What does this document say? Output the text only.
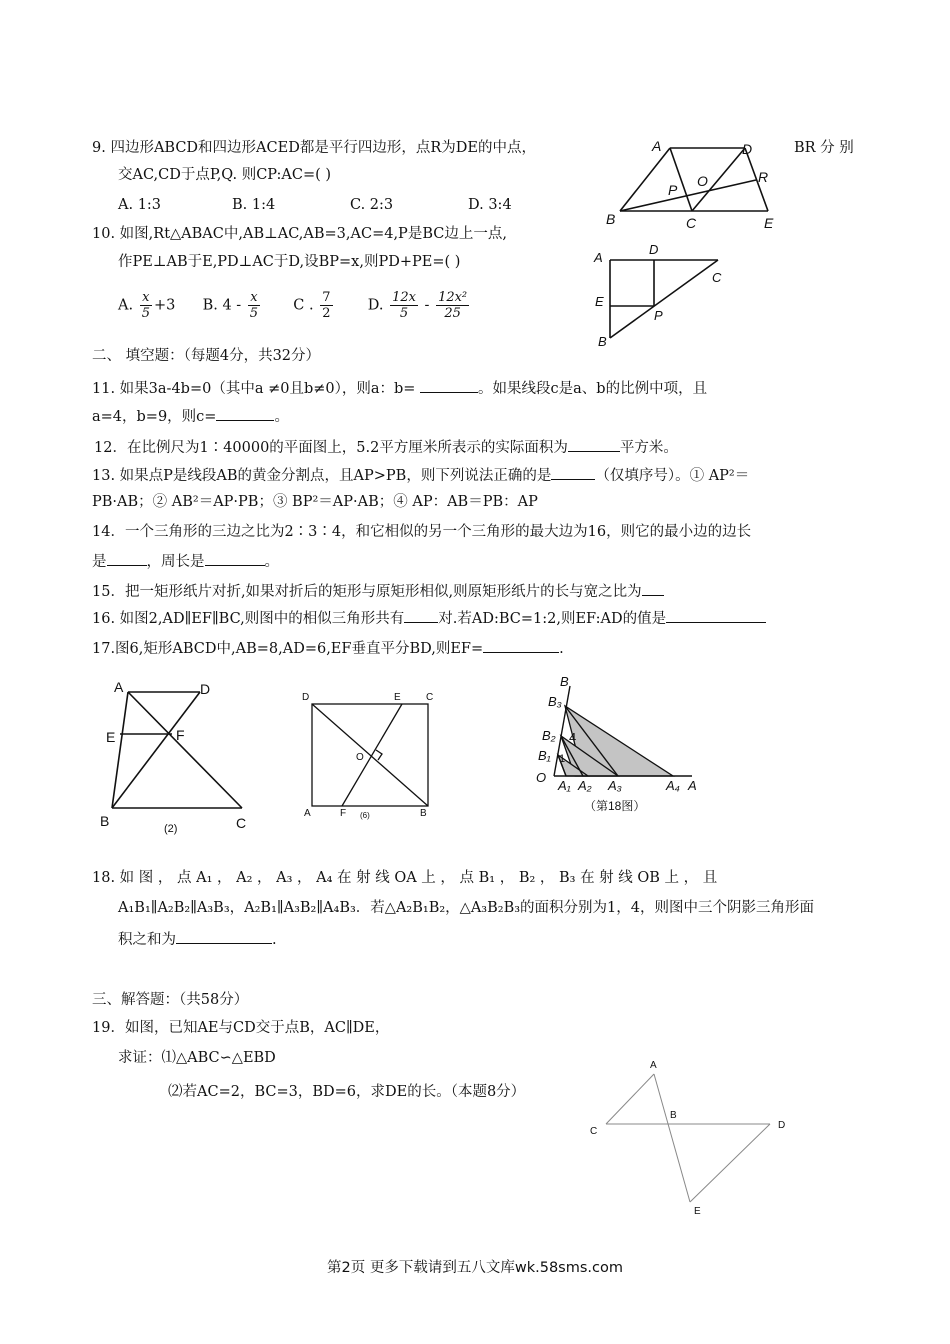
9. 四边形ABCD和四边形ACED都是平行四边形，点R为DE的中点，	BR 分 别
交AC,CD于点P,Q. 则CP:AC=( )
A. 1:3	B. 1:4	C. 2:3	D. 3:4
A	D
R
O
P
B	C	E
10. 如图,Rt△ABAC中,AB⊥AC,AB=3,AC=4,P是BC边上一点,
作PE⊥AB于E,PD⊥AC于D,设BP=x,则PD+PE=( )
A. $\frac{x}{5} +3$ B. $4 - \frac{x}{5}$ C . $\frac{7}{2} D$. $\frac{12x}{5} - \frac{\text{12x²}}{25}$
A
D
C
E
P
B
二、 填空题：（每题4分，共32分）
11. 如果3a-4b=0（其中a ≠0且b≠0），则a：b=	。如果线段c是a、b的比例中项，且
a=4，b=9，则c=	。
12．在比例尺为1∶40000的平面图上，5.2平方厘米所表示的实际面积为	平方米。
13. 如果点P是线段AB的黄金分割点，且AP>PB，则下列说法正确的是	（仅填序号）。① AP²＝
PB·AB；② AB²＝AP·PB；③ BP²＝AP·AB；④ AP：AB＝PB：AP
14．一个三角形的三边之比为2∶3∶4，和它相似的另一个三角形的最大边为16，则它的最小边的边长
是	，周长是	。
15．把一矩形纸片对折,如果对折后的矩形与原矩形相似,则原矩形纸片的长与宽之比为
16. 如图2,AD∥EF∥BC,则图中的相似三角形共有 对.若AD:BC=1:2,则EF:AD的值是
17.图6,矩形ABCD中,AB=8,AD=6,EF垂直平分BD,则EF=	.
A	D
E	F
B	C
(2)
D	E	C
O
A	F	B
(6)
B
B₃
B₂
B₁
O
A₁ A₂ A₃	A₄ A
4
1
（第18图）
18. 如 图 ， 点 A₁ ， A₂ ， A₃ ， A₄ 在 射 线 OA 上 ， 点 B₁ ， B₂ ， B₃ 在 射 线 OB 上 ， 且
A₁B₁∥A₂B₂∥A₃B₃，A₂B₁∥A₃B₂∥A₄B₃．若△A₂B₁B₂，△A₃B₂B₃的面积分别为1，4，则图中三个阴影三角形面
积之和为	.
三、解答题：（共58分）
19．如图，已知AE与CD交于点B，AC∥DE，
求证：⑴△ABC∽△EBD
⑵若AC=2，BC=3，BD=6，求DE的长。（本题8分）
A
B
C
D
E
第2页 更多下载请到五八文库wk.58sms.com
